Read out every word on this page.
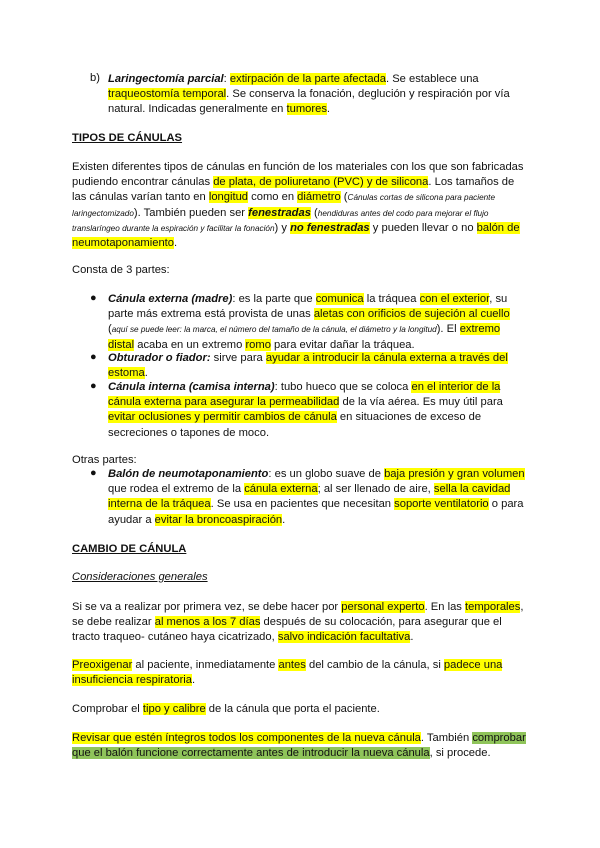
b) Laringectomía parcial: extirpación de la parte afectada. Se establece una traqueostomía temporal. Se conserva la fonación, deglución y respiración por vía natural. Indicadas generalmente en tumores.
TIPOS DE CÁNULAS
Existen diferentes tipos de cánulas en función de los materiales con los que son fabricadas pudiendo encontrar cánulas de plata, de poliuretano (PVC) y de silicona. Los tamaños de las cánulas varían tanto en longitud como en diámetro (Cánulas cortas de silicona para paciente laringectomizado). También pueden ser fenestradas (hendiduras antes del codo para mejorar el flujo translaríngeo durante la espiración y facilitar la fonación) y no fenestradas y pueden llevar o no balón de neumotaponamiento.
Consta de 3 partes:
● Cánula externa (madre): es la parte que comunica la tráquea con el exterior, su parte más extrema está provista de unas aletas con orificios de sujeción al cuello (aquí se puede leer: la marca, el número del tamaño de la cánula, el diámetro y la longitud). El extremo distal acaba en un extremo romo para evitar dañar la tráquea.
● Obturador o fiador: sirve para ayudar a introducir la cánula externa a través del estoma.
● Cánula interna (camisa interna): tubo hueco que se coloca en el interior de la cánula externa para asegurar la permeabilidad de la vía aérea. Es muy útil para evitar oclusiones y permitir cambios de cánula en situaciones de exceso de secreciones o tapones de moco.
Otras partes:
● Balón de neumotaponamiento: es un globo suave de baja presión y gran volumen que rodea el extremo de la cánula externa; al ser llenado de aire, sella la cavidad interna de la tráquea. Se usa en pacientes que necesitan soporte ventilatorio o para ayudar a evitar la broncoaspiración.
CAMBIO DE CÁNULA
Consideraciones generales
Si se va a realizar por primera vez, se debe hacer por personal experto. En las temporales, se debe realizar al menos a los 7 días después de su colocación, para asegurar que el tracto traqueo- cutáneo haya cicatrizado, salvo indicación facultativa.
Preoxigenar al paciente, inmediatamente antes del cambio de la cánula, si padece una insuficiencia respiratoria.
Comprobar el tipo y calibre de la cánula que porta el paciente.
Revisar que estén íntegros todos los componentes de la nueva cánula. También comprobar que el balón funcione correctamente antes de introducir la nueva cánula, si procede.
